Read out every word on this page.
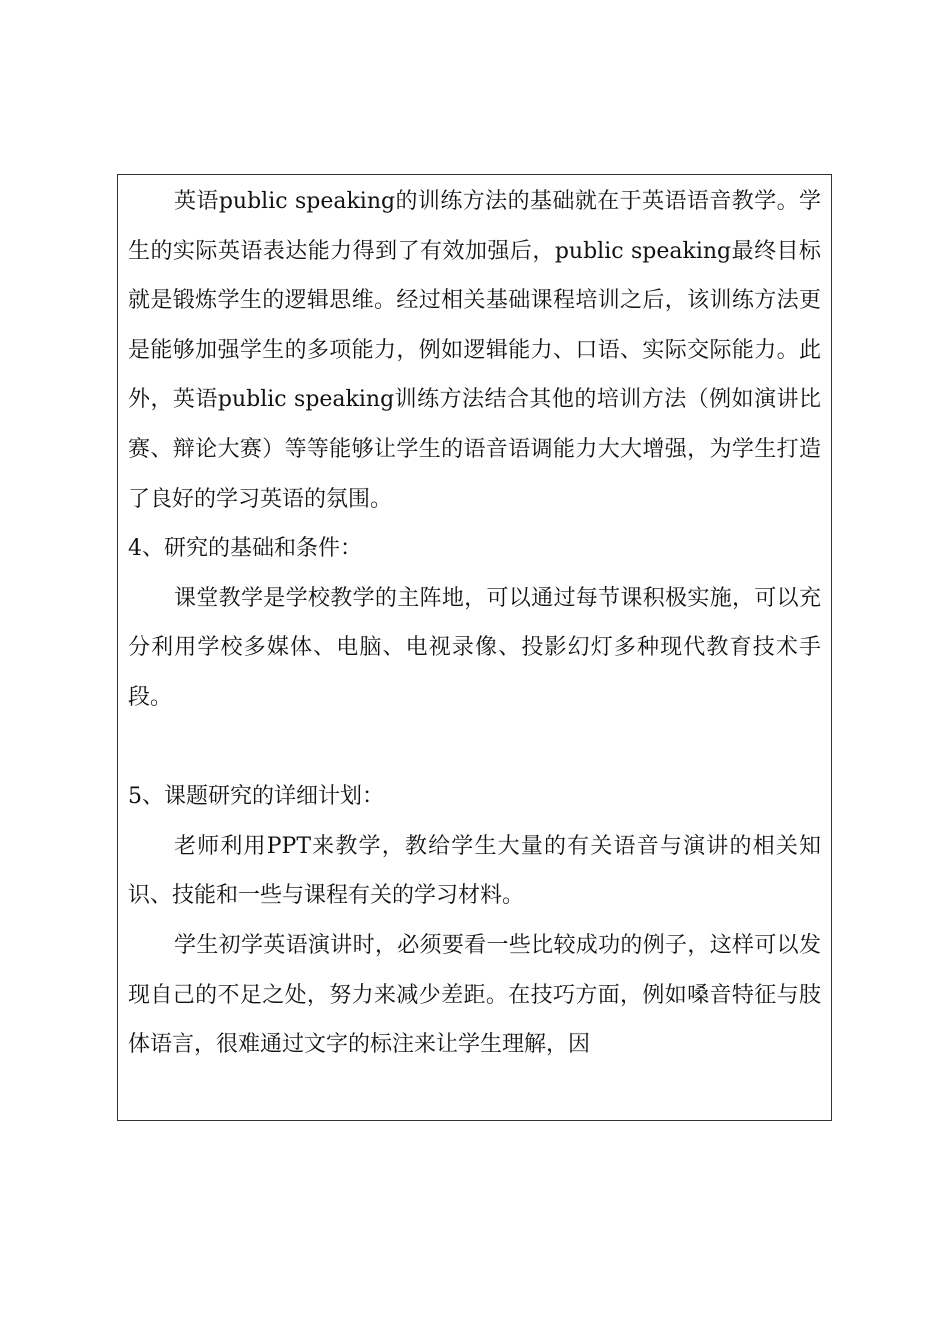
英语public speaking的训练方法的基础就在于英语语音教学。学生的实际英语表达能力得到了有效加强后，public speaking最终目标就是锻炼学生的逻辑思维。经过相关基础课程培训之后，该训练方法更是能够加强学生的多项能力，例如逻辑能力、口语、实际交际能力。此外，英语public speaking训练方法结合其他的培训方法（例如演讲比赛、辩论大赛）等等能够让学生的语音语调能力大大增强，为学生打造了良好的学习英语的氛围。

4、研究的基础和条件：

课堂教学是学校教学的主阵地，可以通过每节课积极实施，可以充分利用学校多媒体、电脑、电视录像、投影幻灯多种现代教育技术手段。

5、课题研究的详细计划：

老师利用PPT来教学，教给学生大量的有关语音与演讲的相关知识、技能和一些与课程有关的学习材料。

学生初学英语演讲时，必须要看一些比较成功的例子，这样可以发现自己的不足之处，努力来减少差距。在技巧方面，例如嗓音特征与肢体语言，很难通过文字的标注来让学生理解，因
